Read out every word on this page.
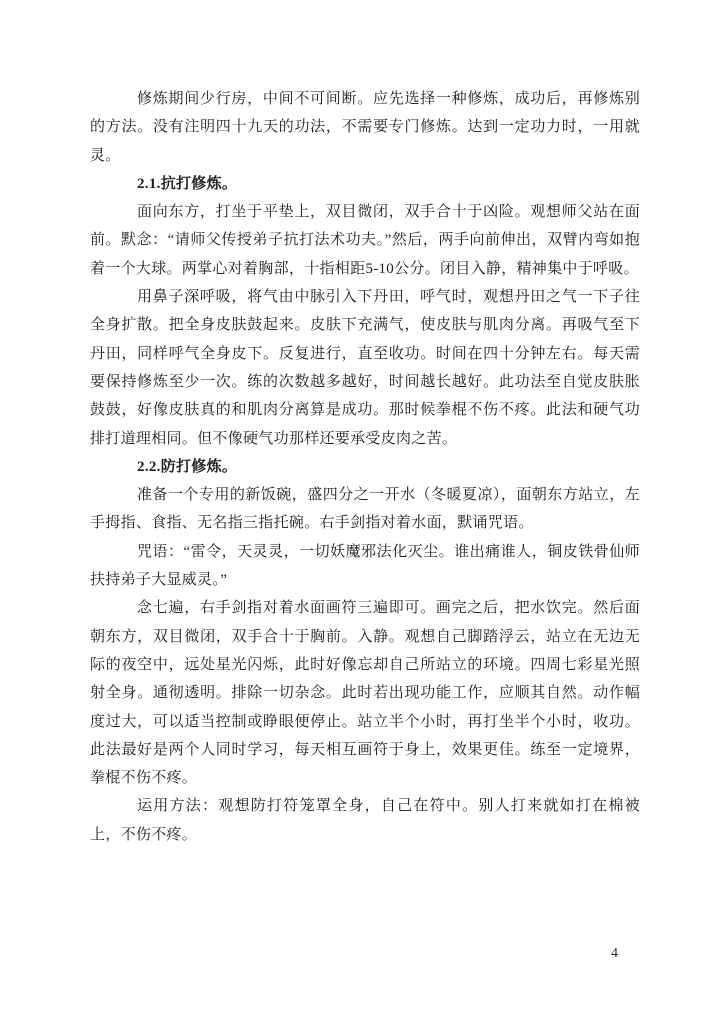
修炼期间少行房，中间不可间断。应先选择一种修炼，成功后，再修炼别的方法。没有注明四十九天的功法，不需要专门修炼。达到一定功力时，一用就灵。

2.1.抗打修炼。

面向东方，打坐于平垫上，双目微闭，双手合十于凶险。观想师父站在面前。默念：“请师父传授弟子抗打法术功夫。”然后，两手向前伸出，双臂内弯如抱着一个大球。两掌心对着胸部，十指相距5-10公分。闭目入静，精神集中于呼吸。

用鼻子深呼吸，将气由中脉引入下丹田，呼气时，观想丹田之气一下子往全身扩散。把全身皮肤鼓起来。皮肤下充满气，使皮肤与肌肉分离。再吸气至下丹田，同样呼气全身皮下。反复进行，直至收功。时间在四十分钟左右。每天需要保持修炼至少一次。练的次数越多越好，时间越长越好。此功法至自觉皮肤胀鼓鼓，好像皮肤真的和肌肉分离算是成功。那时候拳棍不伤不疼。此法和硬气功排打道理相同。但不像硬气功那样还要承受皮肉之苦。

2.2.防打修炼。

准备一个专用的新饭碗，盛四分之一开水（冬暖夏凉），面朝东方站立，左手拇指、食指、无名指三指托碗。右手剑指对着水面，默诵咒语。

咒语：“雷令，天灵灵，一切妖魔邪法化灭尘。谁出痛谁人，铜皮铁骨仙师扶持弟子大显威灵。”

念七遍，右手剑指对着水面画符三遍即可。画完之后，把水饮完。然后面朝东方，双目微闭，双手合十于胸前。入静。观想自己脚踏浮云，站立在无边无际的夜空中，远处星光闪烁，此时好像忘却自己所站立的环境。四周七彩星光照射全身。通彻透明。排除一切杂念。此时若出现功能工作，应顺其自然。动作幅度过大，可以适当控制或睁眼便停止。站立半个小时，再打坐半个小时，收功。此法最好是两个人同时学习，每天相互画符于身上，效果更佳。练至一定境界，拳棍不伤不疼。

运用方法：观想防打符笼罩全身，自己在符中。别人打来就如打在棉被上，不伤不疼。

4
